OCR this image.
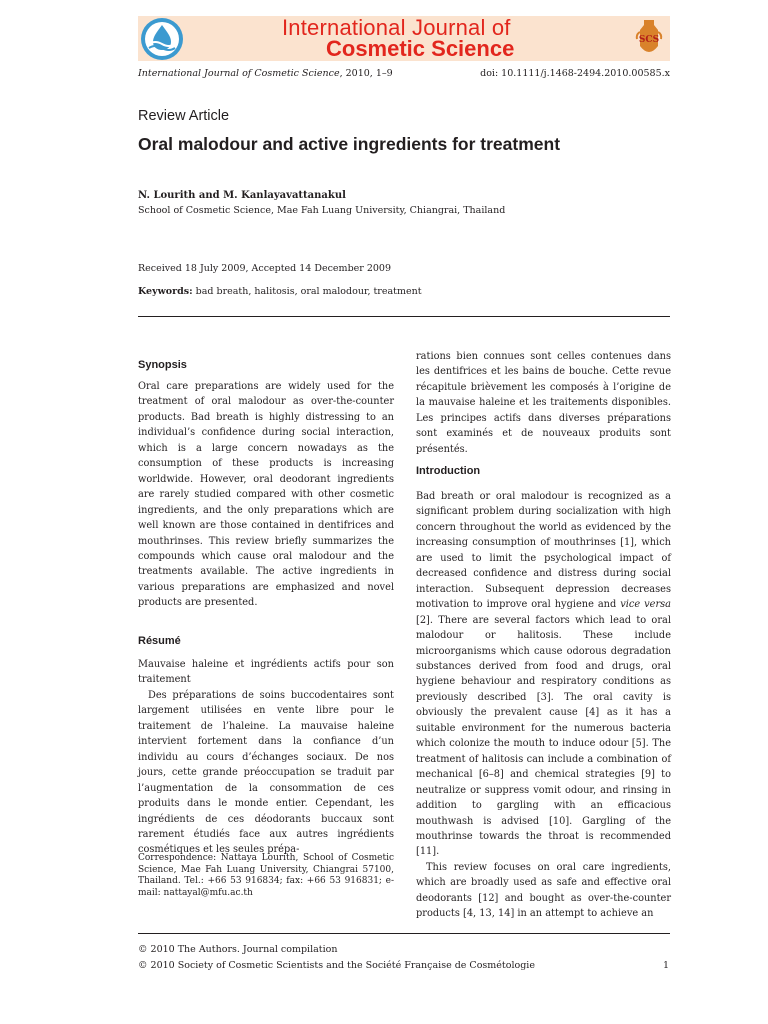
International Journal of
Cosmetic Science	SCS
International Journal of Cosmetic Science, 2010, 1–9	doi: 10.1111/j.1468-2494.2010.00585.x
Review Article
Oral malodour and active ingredients for treatment
N. Lourith and M. Kanlayavattanakul
School of Cosmetic Science, Mae Fah Luang University, Chiangrai, Thailand
Received 18 July 2009, Accepted 14 December 2009
Keywords: bad breath, halitosis, oral malodour, treatment
Synopsis

Oral care preparations are widely used for the treatment of oral malodour as over-the-counter products. Bad breath is highly distressing to an individual’s confidence during social interaction, which is a large concern nowadays as the consumption of these products is increasing worldwide. However, oral deodorant ingredients are rarely studied compared with other cosmetic ingredients, and the only preparations which are well known are those contained in dentifrices and mouthrinses. This review briefly summarizes the compounds which cause oral malodour and the treatments available. The active ingredients in various preparations are emphasized and novel products are presented.

Résumé

Mauvaise haleine et ingrédients actifs pour son traitement

Des préparations de soins buccodentaires sont largement utilisées en vente libre pour le traitement de l’haleine. La mauvaise haleine intervient fortement dans la confiance d’un individu au cours d’échanges sociaux. De nos jours, cette grande préoccupation se traduit par l’augmentation de la consommation de ces produits dans le monde entier. Cependant, les ingrédients de ces déodorants buccaux sont rarement étudiés face aux autres ingrédients cosmétiques et les seules prépa-

Correspondence: Nattaya Lourith, School of Cosmetic Science, Mae Fah Luang University, Chiangrai 57100, Thailand. Tel.: +66 53 916834; fax: +66 53 916831; e-mail: nattayal@mfu.ac.th

rations bien connues sont celles contenues dans les dentifrices et les bains de bouche. Cette revue récapitule brièvement les composés à l’origine de la mauvaise haleine et les traitements disponibles. Les principes actifs dans diverses préparations sont examinés et de nouveaux produits sont présentés.

Introduction

Bad breath or oral malodour is recognized as a significant problem during socialization with high concern throughout the world as evidenced by the increasing consumption of mouthrinses [1], which are used to limit the psychological impact of decreased confidence and distress during social interaction. Subsequent depression decreases motivation to improve oral hygiene and vice versa [2]. There are several factors which lead to oral malodour or halitosis. These include microorganisms which cause odorous degradation substances derived from food and drugs, oral hygiene behaviour and respiratory conditions as previously described [3]. The oral cavity is obviously the prevalent cause [4] as it has a suitable environment for the numerous bacteria which colonize the mouth to induce odour [5]. The treatment of halitosis can include a combination of mechanical [6–8] and chemical strategies [9] to neutralize or suppress vomit odour, and rinsing in addition to gargling with an efficacious mouthwash is advised [10]. Gargling of the mouthrinse towards the throat is recommended [11].

This review focuses on oral care ingredients, which are broadly used as safe and effective oral deodorants [12] and bought as over-the-counter products [4, 13, 14] in an attempt to achieve an

© 2010 The Authors. Journal compilation
© 2010 Society of Cosmetic Scientists and the Société Française de Cosmétologie	1
